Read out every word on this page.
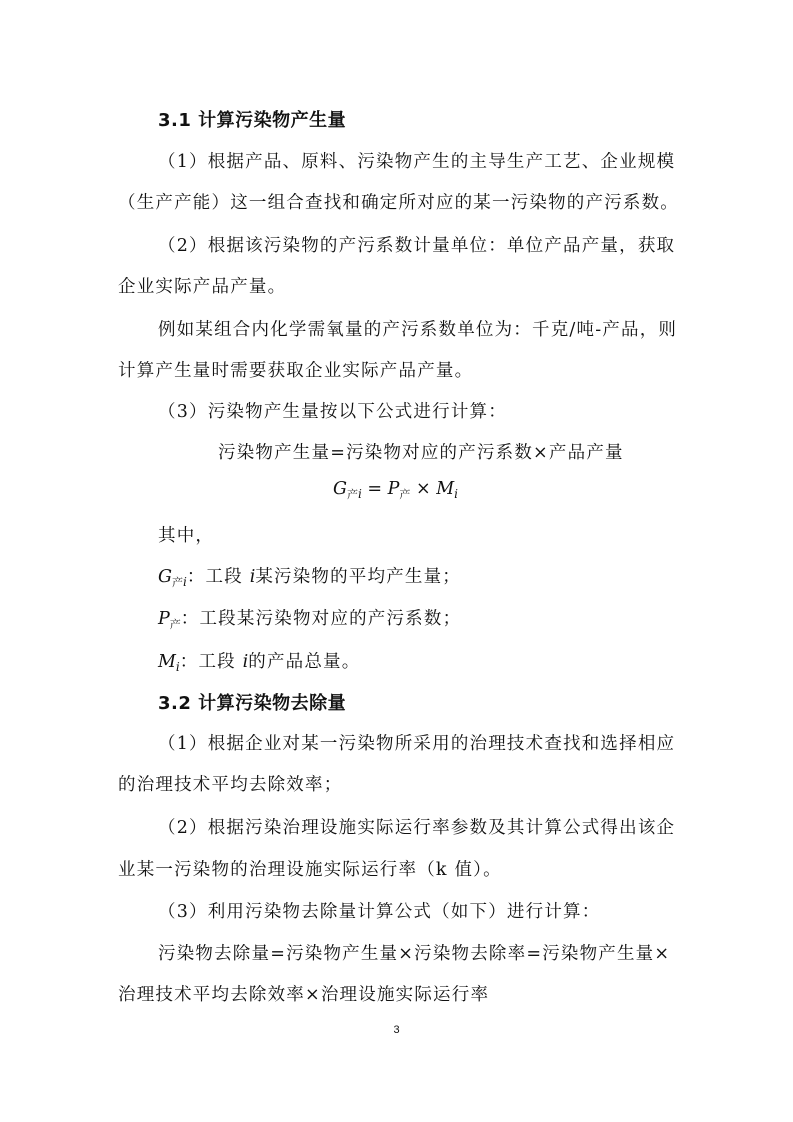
3.1 计算污染物产生量
（1）根据产品、原料、污染物产生的主导生产工艺、企业规模
（生产产能）这一组合查找和确定所对应的某一污染物的产污系数。
（2）根据该污染物的产污系数计量单位：单位产品产量，获取
企业实际产品产量。
例如某组合内化学需氧量的产污系数单位为：千克/吨-产品，则
计算产生量时需要获取企业实际产品产量。
（3）污染物产生量按以下公式进行计算：
污染物产生量=污染物对应的产污系数×产品产量
$G_{产i} = P_产 \times M_i$
其中，
$G_{产i}$：工段 i某污染物的平均产生量；
$P_产$：工段某污染物对应的产污系数；
$M_i$：工段 i的产品总量。
3.2 计算污染物去除量
（1）根据企业对某一污染物所采用的治理技术查找和选择相应
的治理技术平均去除效率；
（2）根据污染治理设施实际运行率参数及其计算公式得出该企
业某一污染物的治理设施实际运行率（k 值）。
（3）利用污染物去除量计算公式（如下）进行计算：
污染物去除量=污染物产生量×污染物去除率=污染物产生量×
治理技术平均去除效率×治理设施实际运行率
3
